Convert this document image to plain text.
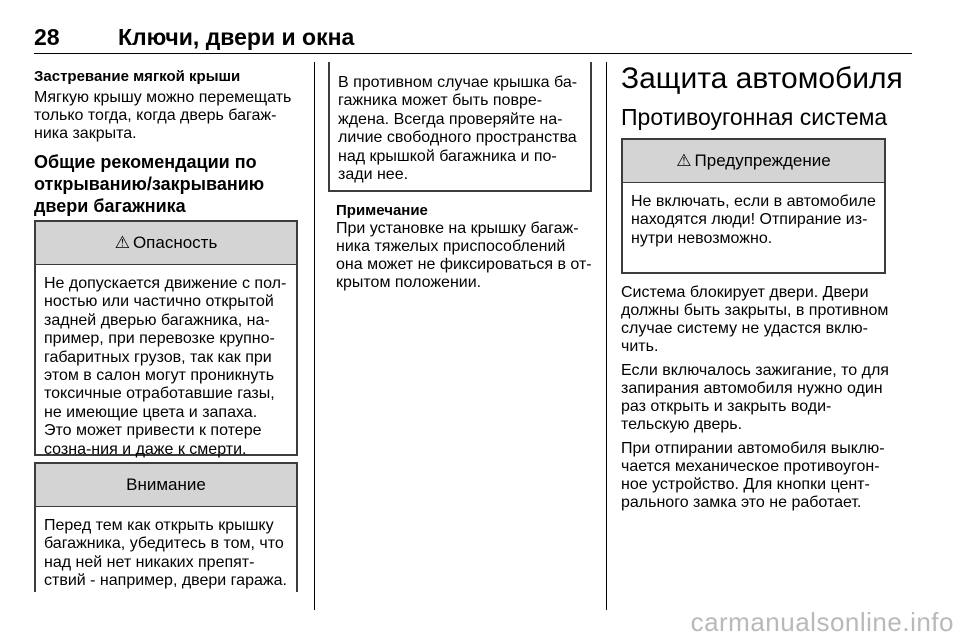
28	Ключи, двери и окна

Застревание мягкой крыши

Мягкую крышу можно перемещать только тогда, когда дверь багаж-ника закрыта.

Общие рекомендации по открыванию/закрыванию двери багажника

⚠ Опасность
Не допускается движение с пол-ностью или частично открытой задней дверью багажника, на-пример, при перевозке крупно-габаритных грузов, так как при этом в салон могут проникнуть токсичные отработавшие газы, не имеющие цвета и запаха. Это может привести к потере созна-ния и даже к смерти.
Внимание
Перед тем как открыть крышку багажника, убедитесь в том, что над ней нет никаких препят-ствий - например, двери гаража.
В противном случае крышка ба-гажника может быть повре-ждена. Всегда проверяйте на-личие свободного пространства над крышкой багажника и по-зади нее.

Примечание

При установке на крышку багаж-ника тяжелых приспособлений она может не фиксироваться в от-крытом положении.

Защита автомобиля
Противоугонная система
⚠ Предупреждение
Не включать, если в автомобиле находятся люди! Отпирание из-нутри невозможно.

Система блокирует двери. Двери должны быть закрыты, в противном случае систему не удастся вклю-чить.

Если включалось зажигание, то для запирания автомобиля нужно один раз открыть и закрыть води-тельскую дверь.

При отпирании автомобиля выклю-чается механическое противоугон-ное устройство. Для кнопки цент-рального замка это не работает.

carmanualsonline.info
